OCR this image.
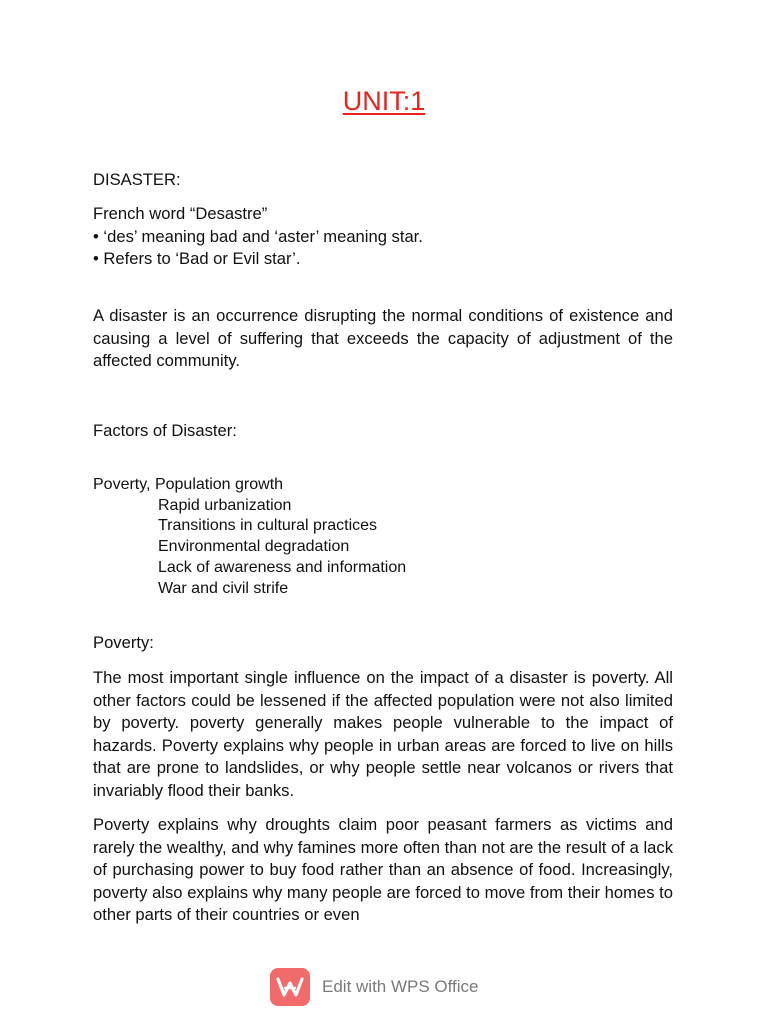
UNIT:1
DISASTER:
French word “Desastre”
• ‘des’ meaning bad and ‘aster’ meaning star.
• Refers to ‘Bad or Evil star’.
A disaster is an occurrence disrupting the normal conditions of existence and causing a level of suffering that exceeds the capacity of adjustment of the affected community.
Factors of Disaster:
Poverty, Population growth
Rapid urbanization
Transitions in cultural practices
Environmental degradation
Lack of awareness and information
War and civil strife
Poverty:
The most important single influence on the impact of a disaster is poverty. All other factors could be lessened if the affected population were not also limited by poverty. poverty generally makes people vulnerable to the impact of hazards. Poverty explains why people in urban areas are forced to live on hills that are prone to landslides, or why people settle near volcanos or rivers that invariably flood their banks.
Poverty explains why droughts claim poor peasant farmers as victims and rarely the wealthy, and why famines more often than not are the result of a lack of purchasing power to buy food rather than an absence of food. Increasingly, poverty also explains why many people are forced to move from their homes to other parts of their countries or even
Edit with WPS Office
